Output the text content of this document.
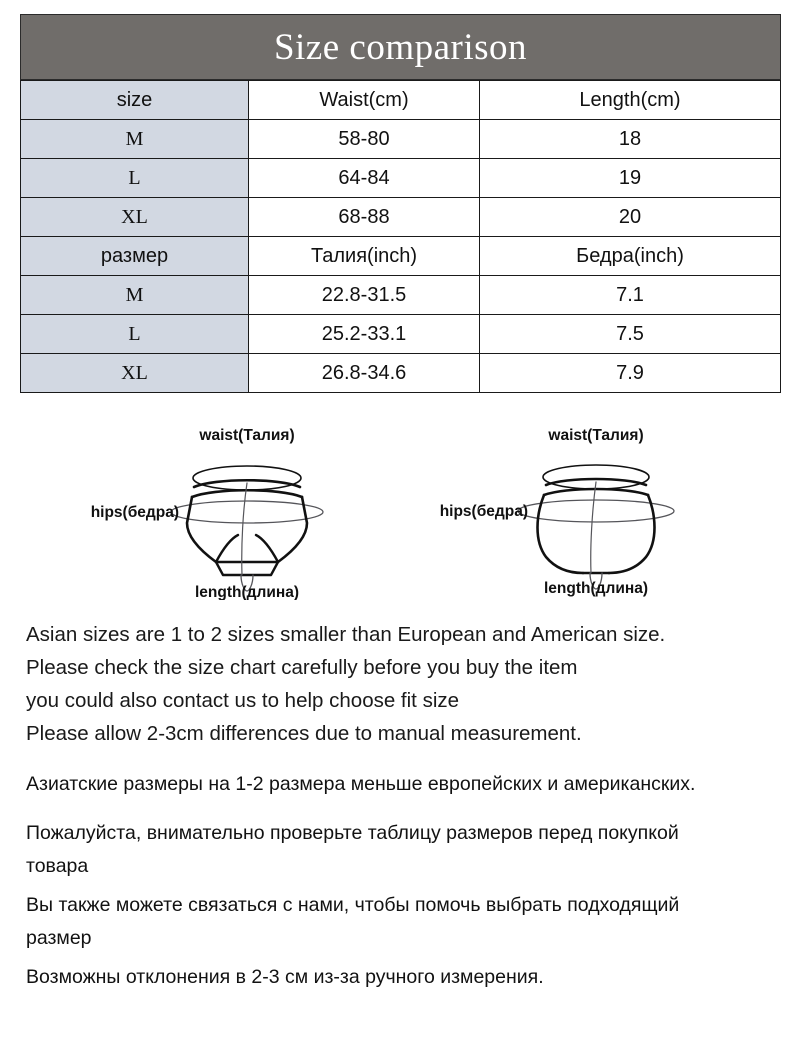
Size comparison
size	Waist(cm)	Length(cm)
M	58-80	18
L	64-84	19
XL	68-88	20
размер	Талия(inch)	Бедра(inch)
M	22.8-31.5	7.1
L	25.2-33.1	7.5
XL	26.8-34.6	7.9
waist(Талия)
hips(бедра)
length(длина)
waist(Талия)
hips(бедра)
length(длина)
Asian sizes are 1 to 2 sizes smaller than European and American size.
Please check the size chart carefully before you buy the item
you could also contact us to help choose fit size
Please allow 2-3cm differences due to manual measurement.
Азиатские размеры на 1-2 размера меньше европейских и американских.
Пожалуйста, внимательно проверьте таблицу размеров перед покупкой
товара
Вы также можете связаться с нами, чтобы помочь выбрать подходящий
размер
Возможны отклонения в 2-3 см из-за ручного измерения.
